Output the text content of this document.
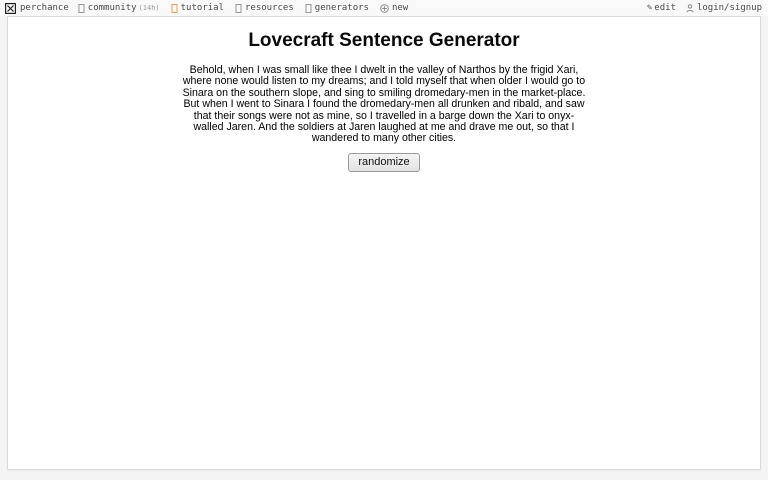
perchance community (14h) tutorial resources generators	new	✎ edit login/signup
Lovecraft Sentence Generator

Behold, when I was small like thee I dwelt in the valley of Narthos by the frigid Xari, where none would listen to my dreams; and I told myself that when older I would go to Sinara on the southern slope, and sing to smiling dromedary-men in the market-place. But when I went to Sinara I found the dromedary-men all drunken and ribald, and saw that their songs were not as mine, so I travelled in a barge down the Xari to onyx-walled Jaren. And the soldiers at Jaren laughed at me and drave me out, so that I wandered to many other cities.

randomize
